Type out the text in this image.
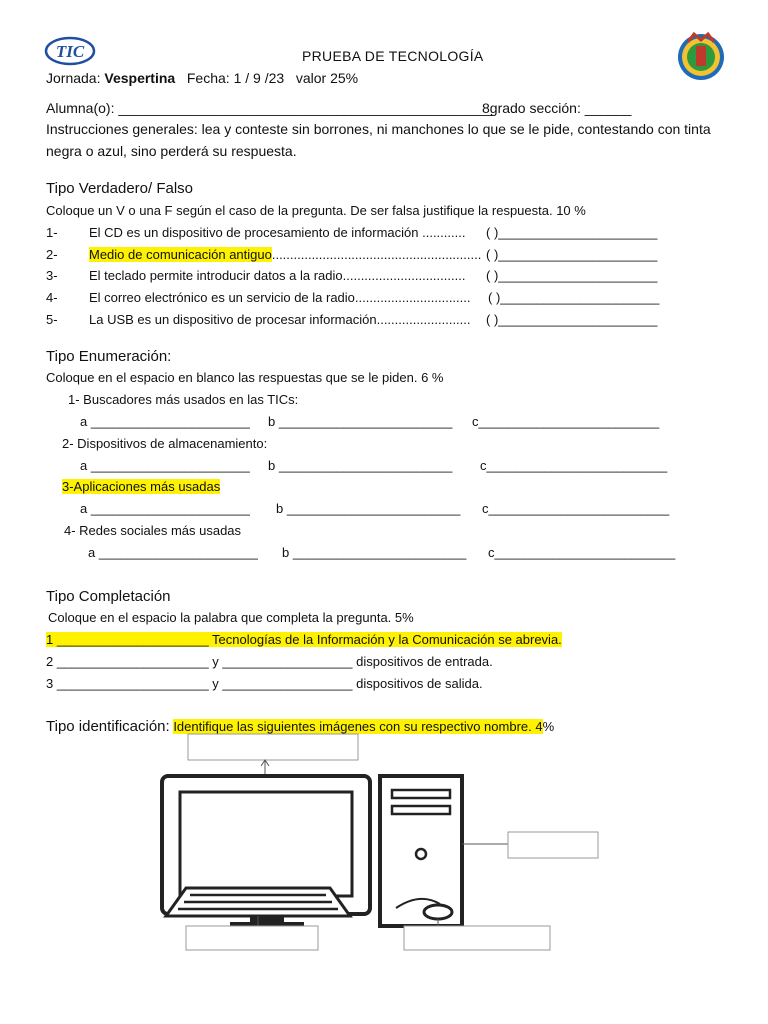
TIC	PRUEBA DE TECNOLOGÍA
Jornada: Vespertina Fecha: 1 / 9 /23 valor 25%
Alumna(o): ________________________________________________
8grado sección: ______
Instrucciones generales: lea y conteste sin borrones, ni manchones lo que se le pide, contestando con tinta
negra o azul, sino perderá su respuesta.
Tipo Verdadero/ Falso
Coloque un V o una F según el caso de la pregunta. De ser falsa justifique la respuesta. 10 %
1- El CD es un dispositivo de procesamiento de información ............ ( )______________________
2- Medio de comunicación antiguo.......................................................... ( )______________________
3- El teclado permite introducir datos a la radio.................................. ( )______________________
4- El correo electrónico es un servicio de la radio................................ ( )______________________
5- La USB es un dispositivo de procesar información.......................... ( )______________________
Tipo Enumeración:
Coloque en el espacio en blanco las respuestas que se le piden. 6 %
1- Buscadores más usados en las TICs:
a ______________________ b ________________________ c_________________________
2- Dispositivos de almacenamiento:
a ______________________ b ________________________ c_________________________
3-Aplicaciones más usadas
a ______________________ b ________________________ c_________________________
4- Redes sociales más usadas
a ______________________ b ________________________ c_________________________
Tipo Completación
Coloque en el espacio la palabra que completa la pregunta. 5%
1 _____________________ Tecnologías de la Información y la Comunicación se abrevia.
2 _____________________ y __________________ dispositivos de entrada.
3 _____________________ y __________________ dispositivos de salida.
Tipo identificación: Identifique las siguientes imágenes con su respectivo nombre. 4%
